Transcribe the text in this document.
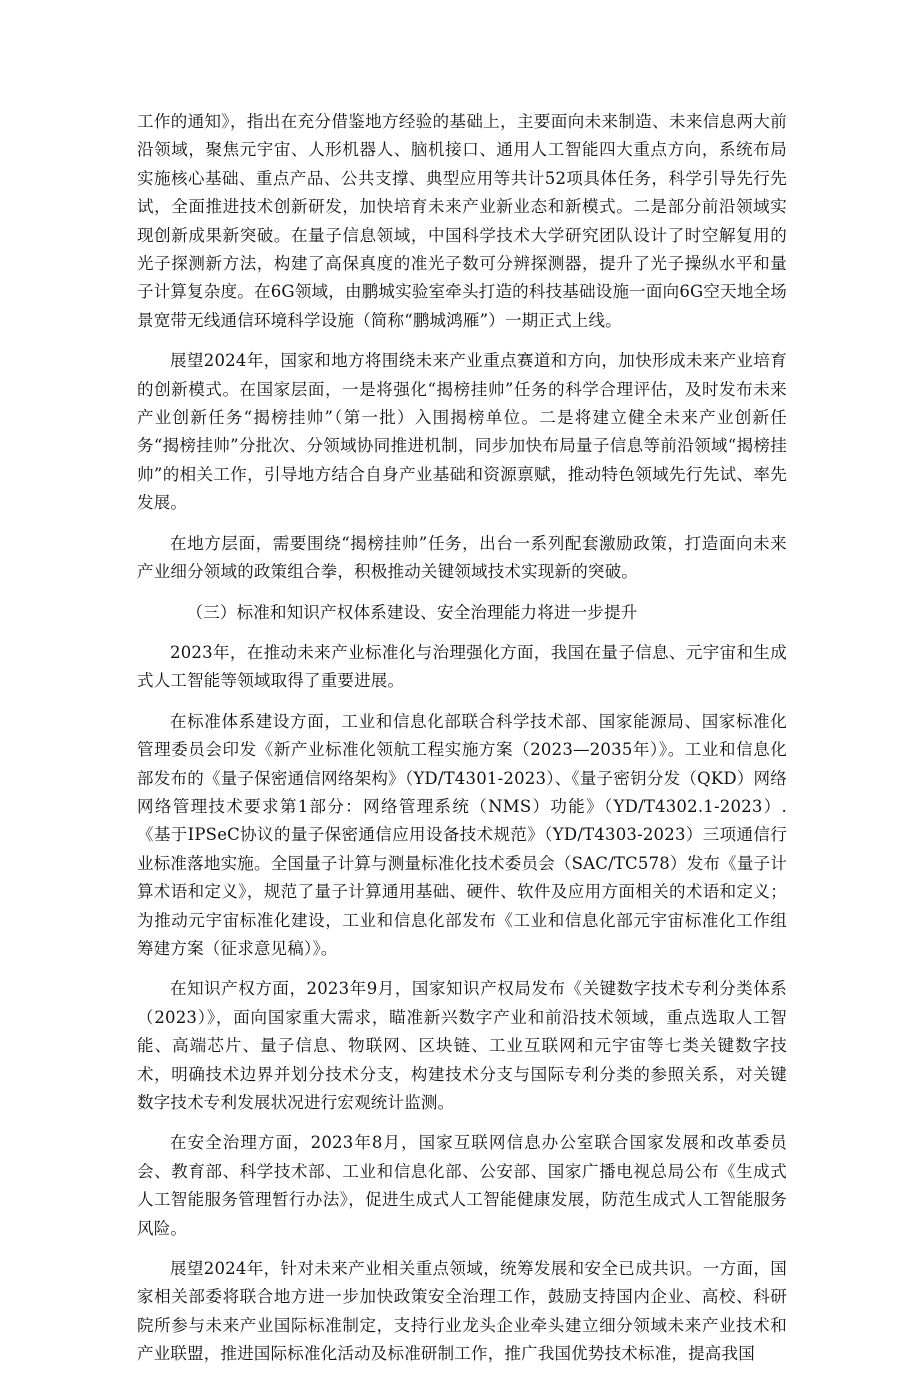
工作的通知》，指出在充分借鉴地方经验的基础上，主要面向未来制造、未来信息两大前沿领域，聚焦元宇宙、人形机器人、脑机接口、通用人工智能四大重点方向，系统布局实施核心基础、重点产品、公共支撑、典型应用等共计52项具体任务，科学引导先行先试，全面推进技术创新研发，加快培育未来产业新业态和新模式。二是部分前沿领域实现创新成果新突破。在量子信息领域，中国科学技术大学研究团队设计了时空解复用的光子探测新方法，构建了高保真度的准光子数可分辨探测器，提升了光子操纵水平和量子计算复杂度。在6G领域，由鹏城实验室牵头打造的科技基础设施一面向6G空天地全场景宽带无线通信环境科学设施（简称“鹏城鸿雁”）一期正式上线。

展望2024年，国家和地方将围绕未来产业重点赛道和方向，加快形成未来产业培育的创新模式。在国家层面，一是将强化“揭榜挂帅”任务的科学合理评估，及时发布未来产业创新任务“揭榜挂帅”（第一批）入围揭榜单位。二是将建立健全未来产业创新任务“揭榜挂帅”分批次、分领域协同推进机制，同步加快布局量子信息等前沿领域“揭榜挂帅”的相关工作，引导地方结合自身产业基础和资源禀赋，推动特色领域先行先试、率先发展。

在地方层面，需要围绕“揭榜挂帅”任务，出台一系列配套激励政策，打造面向未来产业细分领域的政策组合拳，积极推动关键领域技术实现新的突破。

（三）标准和知识产权体系建设、安全治理能力将进一步提升

2023年，在推动未来产业标准化与治理强化方面，我国在量子信息、元宇宙和生成式人工智能等领域取得了重要进展。

在标准体系建设方面，工业和信息化部联合科学技术部、国家能源局、国家标准化管理委员会印发《新产业标准化领航工程实施方案（2023—2035年）》。工业和信息化部发布的《量子保密通信网络架构》（YD/T4301-2023）、《量子密钥分发（QKD）网络网络管理技术要求第1部分：网络管理系统（NMS）功能》（YD/T4302.1-2023）.《基于IPSeC协议的量子保密通信应用设备技术规范》（YD/T4303-2023）三项通信行业标准落地实施。全国量子计算与测量标准化技术委员会（SAC/TC578）发布《量子计算术语和定义》，规范了量子计算通用基础、硬件、软件及应用方面相关的术语和定义；为推动元宇宙标准化建设，工业和信息化部发布《工业和信息化部元宇宙标准化工作组筹建方案（征求意见稿）》。

在知识产权方面，2023年9月，国家知识产权局发布《关键数字技术专利分类体系（2023）》，面向国家重大需求，瞄准新兴数字产业和前沿技术领域，重点选取人工智能、高端芯片、量子信息、物联网、区块链、工业互联网和元宇宙等七类关键数字技术，明确技术边界并划分技术分支，构建技术分支与国际专利分类的参照关系，对关键数字技术专利发展状况进行宏观统计监测。

在安全治理方面，2023年8月，国家互联网信息办公室联合国家发展和改革委员会、教育部、科学技术部、工业和信息化部、公安部、国家广播电视总局公布《生成式人工智能服务管理暂行办法》，促进生成式人工智能健康发展，防范生成式人工智能服务风险。

展望2024年，针对未来产业相关重点领域，统筹发展和安全已成共识。一方面，国家相关部委将联合地方进一步加快政策安全治理工作，鼓励支持国内企业、高校、科研院所参与未来产业国际标准制定，支持行业龙头企业牵头建立细分领域未来产业技术和产业联盟，推进国际标准化活动及标准研制工作，推广我国优势技术标准，提高我国
